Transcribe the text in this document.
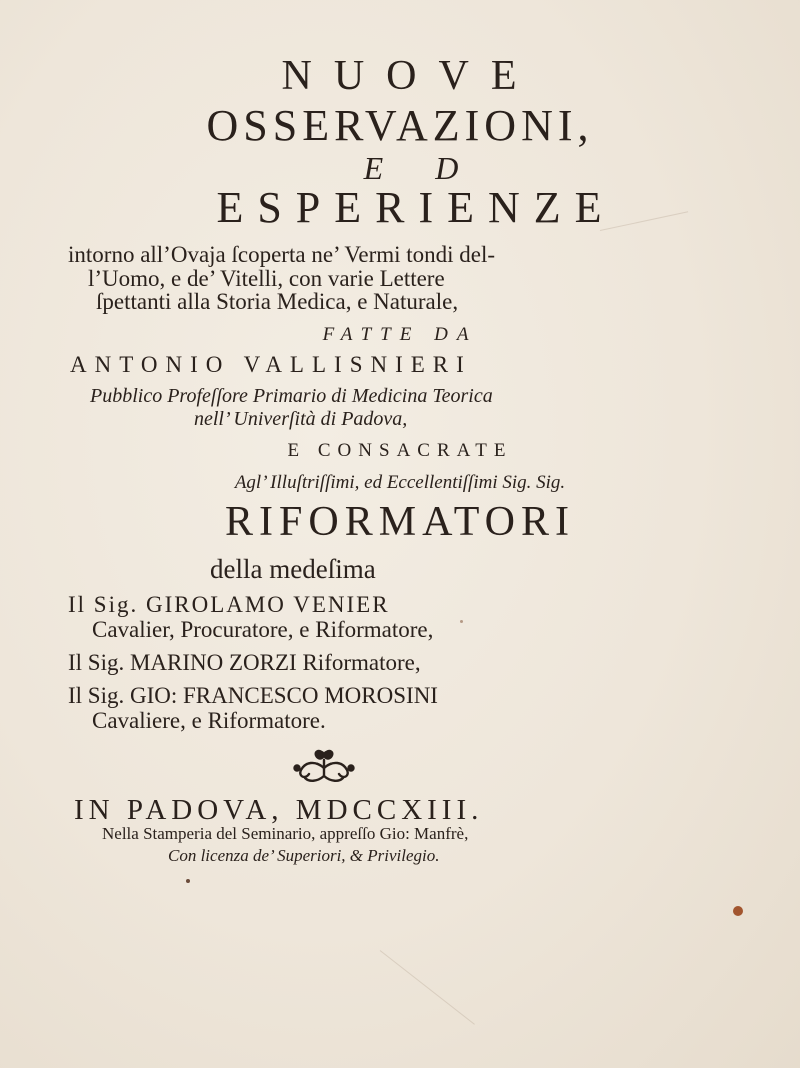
NUOVE
OSSERVAZIONI,
E D
ESPERIENZE
intorno all’Ovaja ſcoperta ne’ Vermi tondi del-
l’Uomo, e de’ Vitelli, con varie Lettere
ſpettanti alla Storia Medica, e Naturale,
FATTE DA
ANTONIO VALLISNIERI
Pubblico Profeſſore Primario di Medicina Teorica
nell’ Univerſità di Padova,
E CONSACRATE
Agl’ Illuſtriſſimi, ed Eccellentiſſimi Sig. Sig.
RIFORMATORI
della medeſima
Il Sig. GIROLAMO VENIER
Cavalier, Procuratore, e Riformatore,
Il Sig. MARINO ZORZI Riformatore,
Il Sig. GIO: FRANCESCO MOROSINI
Cavaliere, e Riformatore.
IN PADOVA, MDCCXIII.
Nella Stamperia del Seminario, appreſſo Gio: Manfrè,
Con licenza de’ Superiori, & Privilegio.
